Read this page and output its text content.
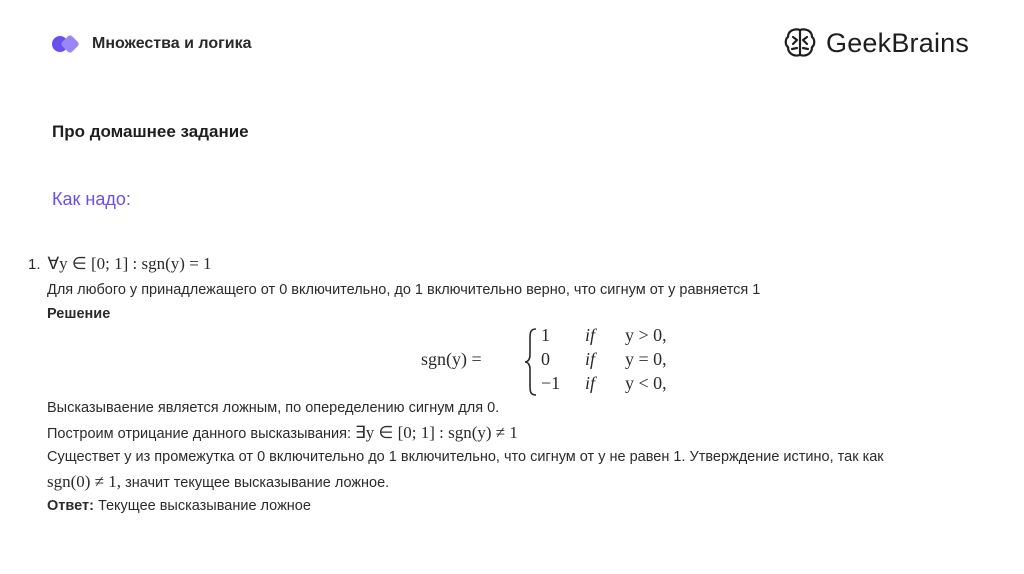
Множества и логика	GeekBrains
Про домашнее задание
Как надо:
1. ∀y ∈ [0; 1] : sgn(y) = 1
Для любого y принадлежащего от 0 включительно, до 1 включительно верно, что сигнум от y равняется 1
Решение
sgn(y) =
1 if y > 0,
0 if y = 0,
−1 if y < 0,
Высказываение является ложным, по опеределению сигнум для 0.
Построим отрицание данного высказывания: ∃y ∈ [0; 1] : sgn(y) ≠ 1
Существет y из промежутка от 0 включительно до 1 включительно, что сигнум от y не равен 1. Утверждение истино, так как
sgn(0) ≠ 1, значит текущее высказывание ложное.
Ответ: Текущее высказывание ложное
